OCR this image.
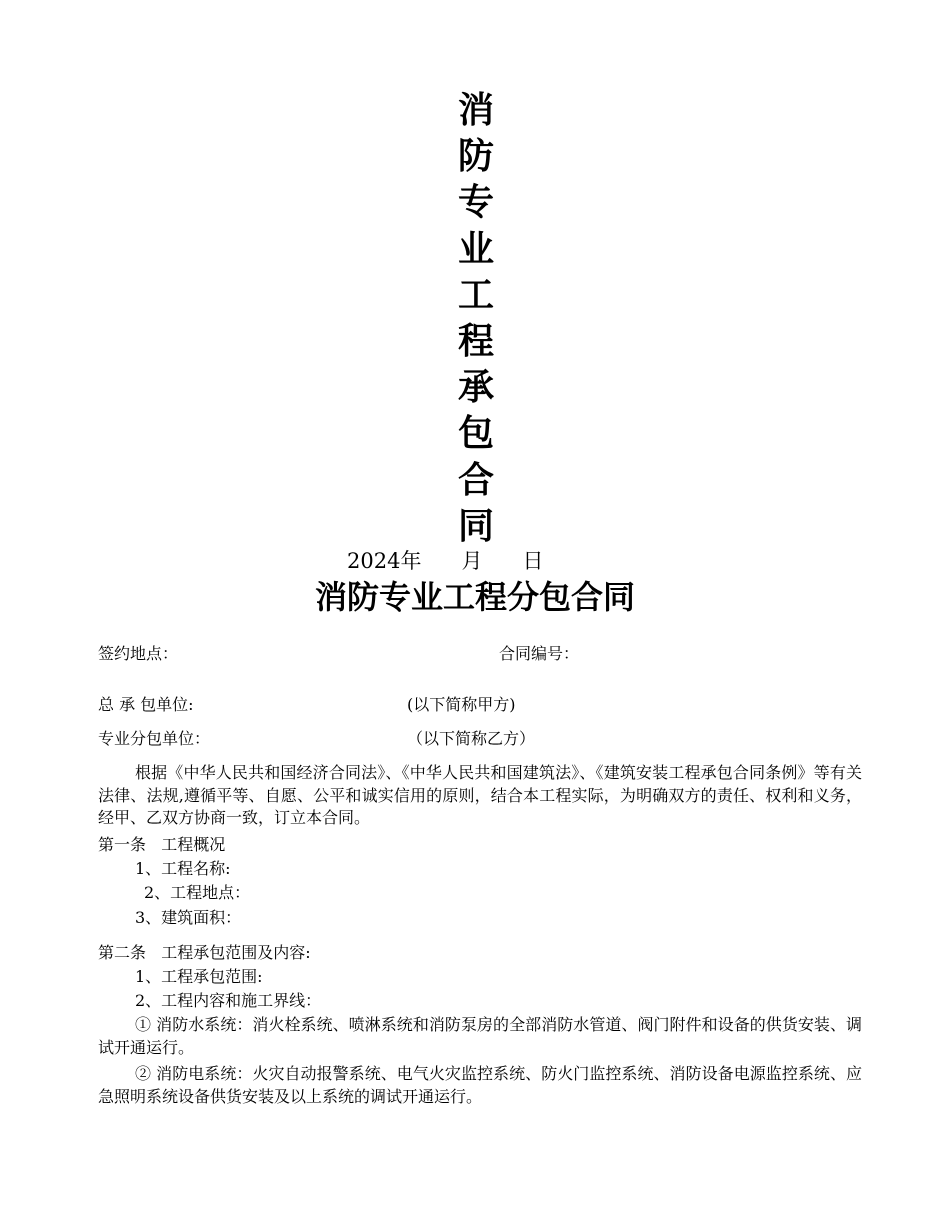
消
防
专
业
工
程
承
包
合
同
2024年      月      日
消防专业工程分包合同
签约地点：	合同编号：
总 承 包单位:	(以下简称甲方)
专业分包单位：	（以下简称乙方）
根据《中华人民共和国经济合同法》、《中华人民共和国建筑法》、《建筑安装工程承包合同条例》等有关法律、法规,遵循平等、自愿、公平和诚实信用的原则，结合本工程实际，为明确双方的责任、权利和义务，经甲、乙双方协商一致，订立本合同。
第一条   工程概况
1、工程名称:
2、工程地点：
3、建筑面积：
第二条   工程承包范围及内容:
1、工程承包范围:
2、工程内容和施工界线：
① 消防水系统：消火栓系统、喷淋系统和消防泵房的全部消防水管道、阀门附件和设备的供货安装、调试开通运行。
② 消防电系统：火灾自动报警系统、电气火灾监控系统、防火门监控系统、消防设备电源监控系统、应急照明系统设备供货安装及以上系统的调试开通运行。
